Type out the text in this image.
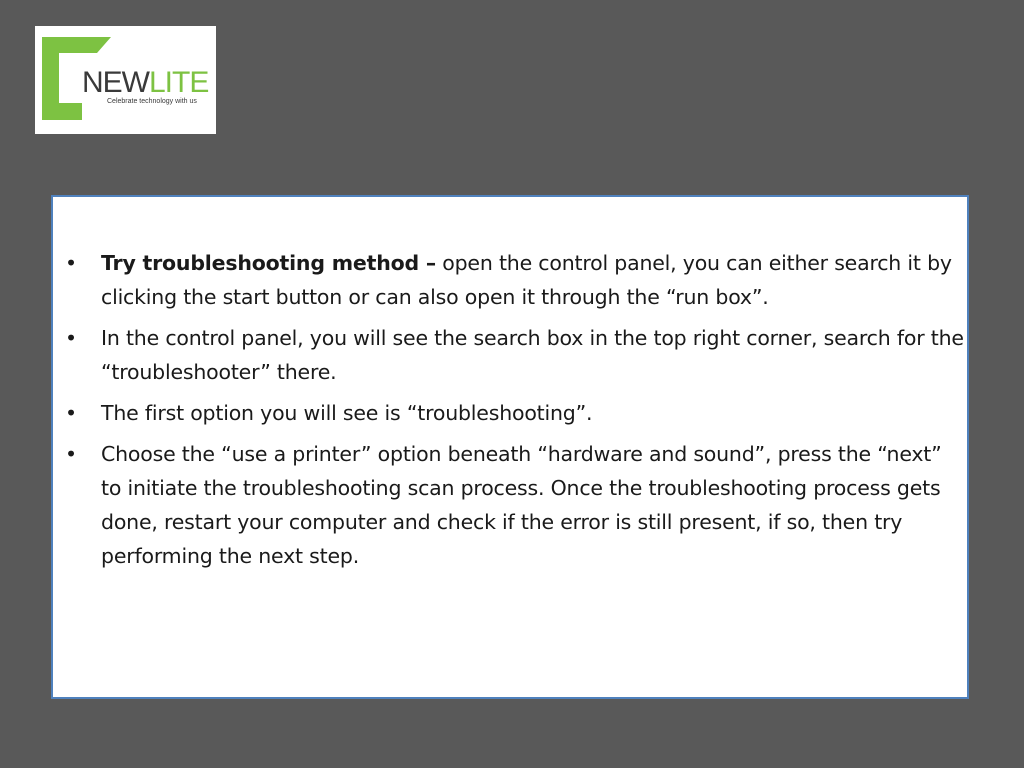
NEWLITE
Celebrate technology with us
• Try troubleshooting method – open the control panel, you can either search it by clicking the start button or can also open it through the “run box”.
• In the control panel, you will see the search box in the top right corner, search for the “troubleshooter” there.
• The first option you will see is “troubleshooting”.
• Choose the “use a printer” option beneath “hardware and sound”, press the “next” to initiate the troubleshooting scan process. Once the troubleshooting process gets done, restart your computer and check if the error is still present, if so, then try performing the next step.
